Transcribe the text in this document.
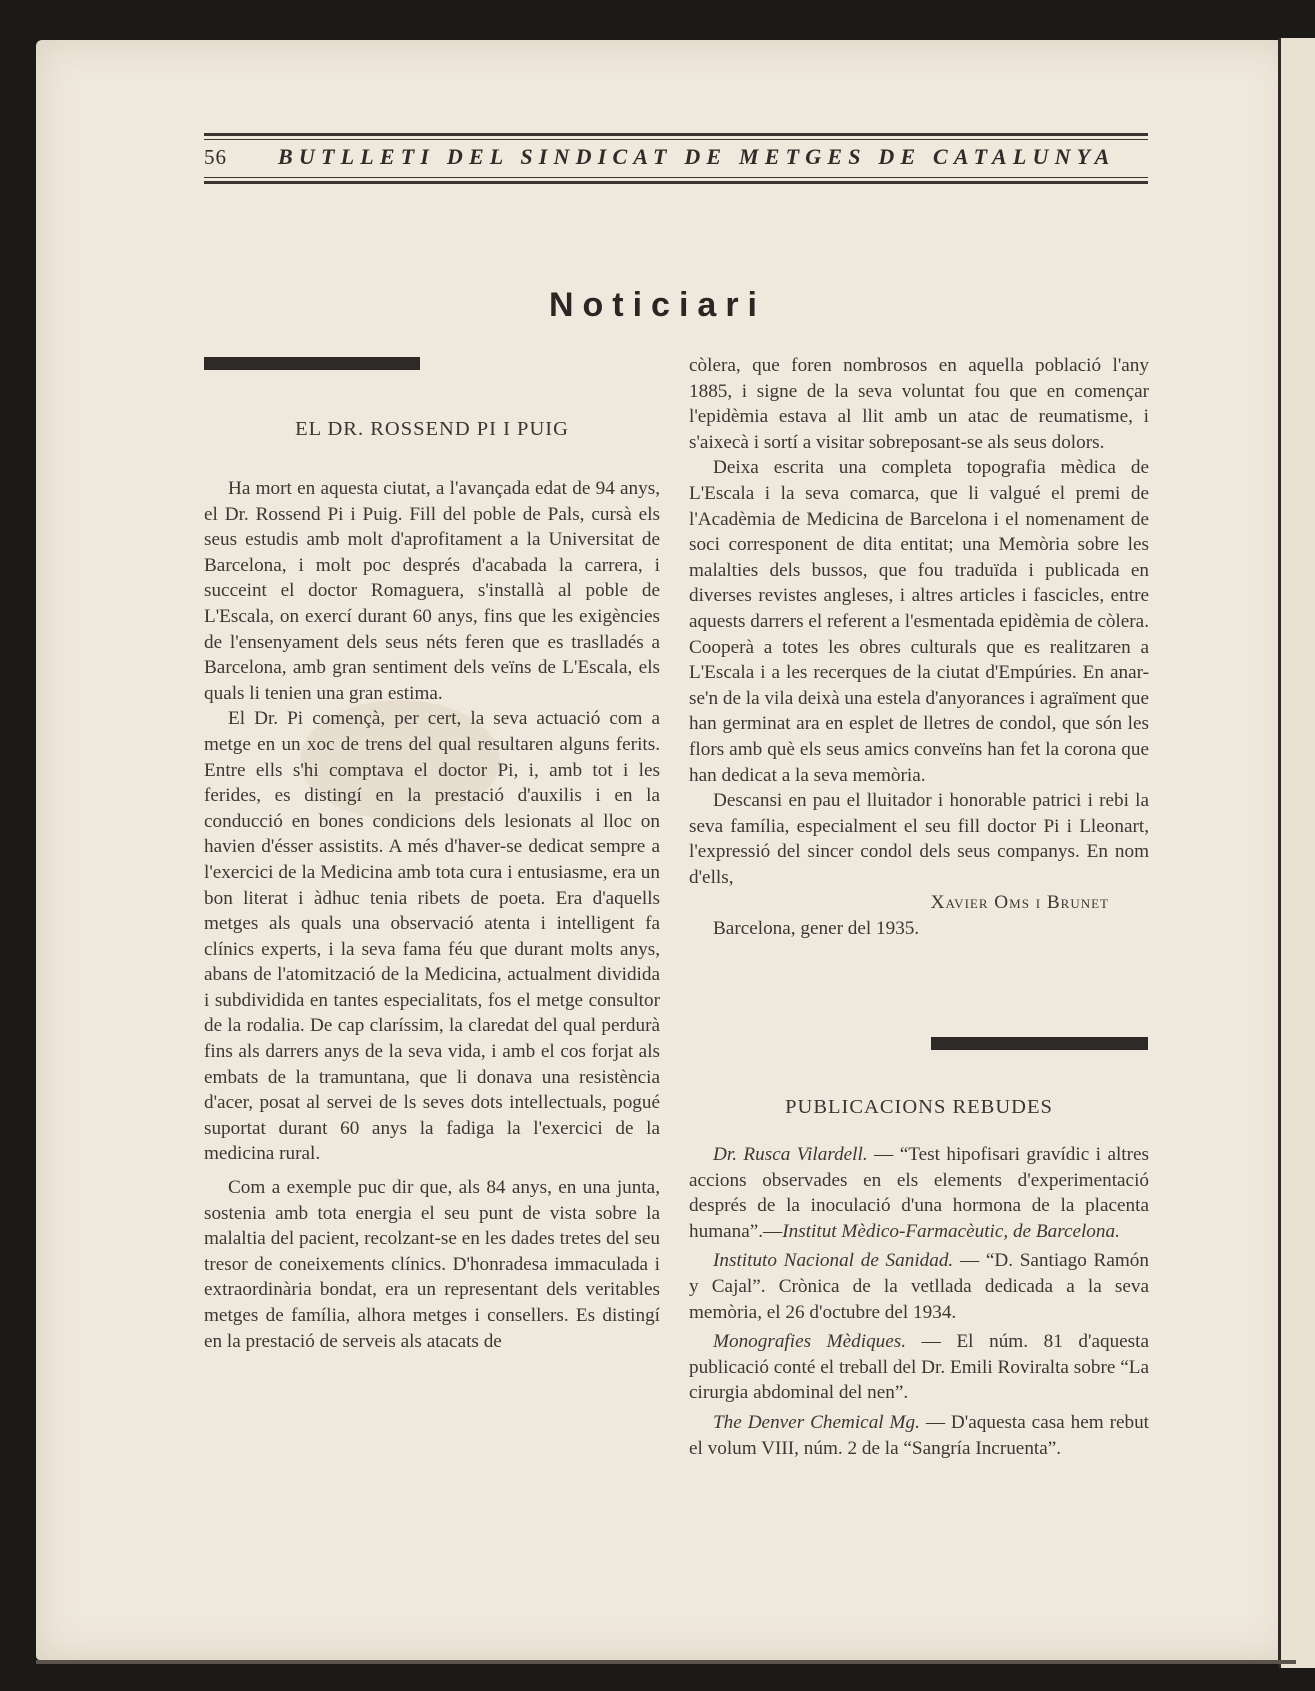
56 BUTLLETI DEL SINDICAT DE METGES DE CATALUNYA
Noticiari
EL DR. ROSSEND PI I PUIG

Ha mort en aquesta ciutat, a l'avançada edat de 94 anys, el Dr. Rossend Pi i Puig. Fill del poble de Pals, cursà els seus estudis amb molt d'aprofitament a la Universitat de Barcelona, i molt poc després d'acabada la carrera, i succeint el doctor Romaguera, s'installà al poble de L'Escala, on exercí durant 60 anys, fins que les exigències de l'ensenyament dels seus néts feren que es traslladés a Barcelona, amb gran sentiment dels veïns de L'Escala, els quals li tenien una gran estima.

El Dr. Pi començà, per cert, la seva actuació com a metge en un xoc de trens del qual resultaren alguns ferits. Entre ells s'hi comptava el doctor Pi, i, amb tot i les ferides, es distingí en la prestació d'auxilis i en la conducció en bones condicions dels lesionats al lloc on havien d'ésser assistits. A més d'haver-se dedicat sempre a l'exercici de la Medicina amb tota cura i entusiasme, era un bon literat i àdhuc tenia ribets de poeta. Era d'aquells metges als quals una observació atenta i intelligent fa clínics experts, i la seva fama féu que durant molts anys, abans de l'atomització de la Medicina, actualment dividida i subdividida en tantes especialitats, fos el metge consultor de la rodalia. De cap claríssim, la claredat del qual perdurà fins als darrers anys de la seva vida, i amb el cos forjat als embats de la tramuntana, que li donava una resistència d'acer, posat al servei de ls seves dots intellectuals, pogué suportat durant 60 anys la fadiga la l'exercici de la medicina rural.

Com a exemple puc dir que, als 84 anys, en una junta, sostenia amb tota energia el seu punt de vista sobre la malaltia del pacient, recolzant-se en les dades tretes del seu tresor de coneixements clínics. D'honradesa immaculada i extraordinària bondat, era un representant dels veritables metges de família, alhora metges i consellers. Es distingí en la prestació de serveis als atacats de

còlera, que foren nombrosos en aquella població l'any 1885, i signe de la seva voluntat fou que en començar l'epidèmia estava al llit amb un atac de reumatisme, i s'aixecà i sortí a visitar sobreposant-se als seus dolors.

Deixa escrita una completa topografia mèdica de L'Escala i la seva comarca, que li valgué el premi de l'Acadèmia de Medicina de Barcelona i el nomenament de soci corresponent de dita entitat; una Memòria sobre les malalties dels bussos, que fou traduïda i publicada en diverses revistes angleses, i altres articles i fascicles, entre aquests darrers el referent a l'esmentada epidèmia de còlera. Cooperà a totes les obres culturals que es realitzaren a L'Escala i a les recerques de la ciutat d'Empúries. En anar-se'n de la vila deixà una estela d'anyorances i agraïment que han germinat ara en esplet de lletres de condol, que són les flors amb què els seus amics conveïns han fet la corona que han dedicat a la seva memòria.

Descansi en pau el lluitador i honorable patrici i rebi la seva família, especialment el seu fill doctor Pi i Lleonart, l'expressió del sincer condol dels seus companys. En nom d'ells,

Xavier Oms i Brunet

Barcelona, gener del 1935.

PUBLICACIONS REBUDES

Dr. Rusca Vilardell. — “Test hipofisari gravídic i altres accions observades en els elements d'experimentació després de la inoculació d'una hormona de la placenta humana”.—Institut Mèdico-Farmacèutic, de Barcelona.

Instituto Nacional de Sanidad. — “D. Santiago Ramón y Cajal”. Crònica de la vetllada dedicada a la seva memòria, el 26 d'octubre del 1934.

Monografies Mèdiques. — El núm. 81 d'aquesta publicació conté el treball del Dr. Emili Roviralta sobre “La cirurgia abdominal del nen”.

The Denver Chemical Mg. — D'aquesta casa hem rebut el volum VIII, núm. 2 de la “Sangría Incruenta”.
